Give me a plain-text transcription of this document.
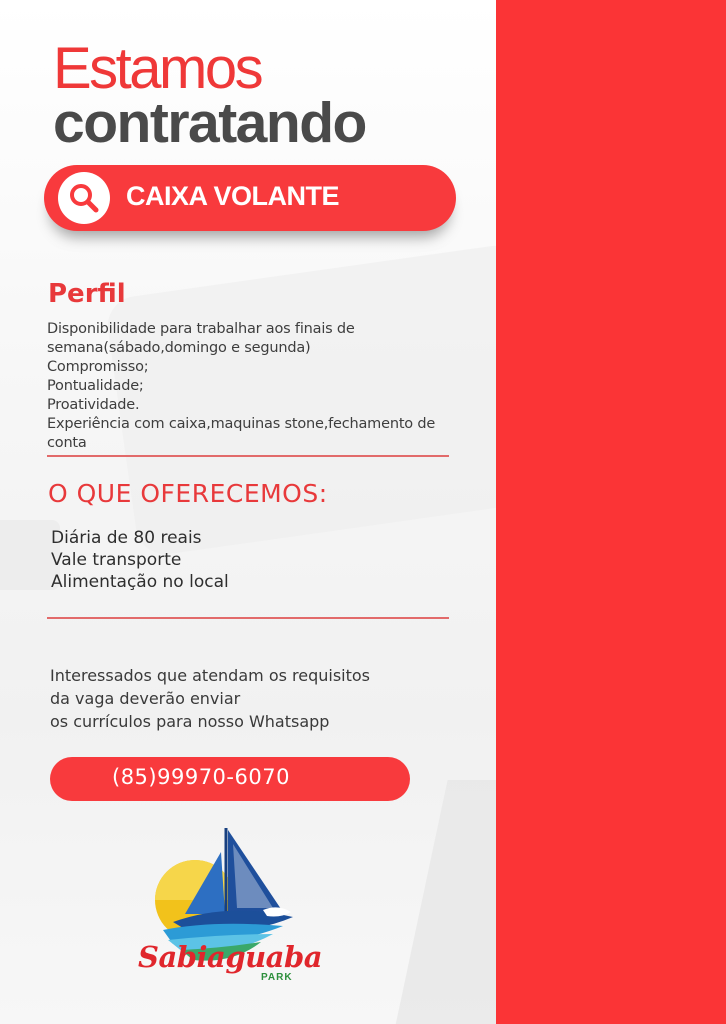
Estamos
contratando
CAIXA VOLANTE
Perfil
Disponibilidade para trabalhar aos finais de
semana(sábado,domingo e segunda)
Compromisso;
Pontualidade;
Proatividade.
Experiência com caixa,maquinas stone,fechamento de
conta
O QUE OFERECEMOS:
Diária de 80 reais
Vale transporte
Alimentação no local
Interessados que atendam os requisitos
da vaga deverão enviar
os currículos para nosso Whatsapp
(85)99970-6070
Sabiaguaba
PARK
